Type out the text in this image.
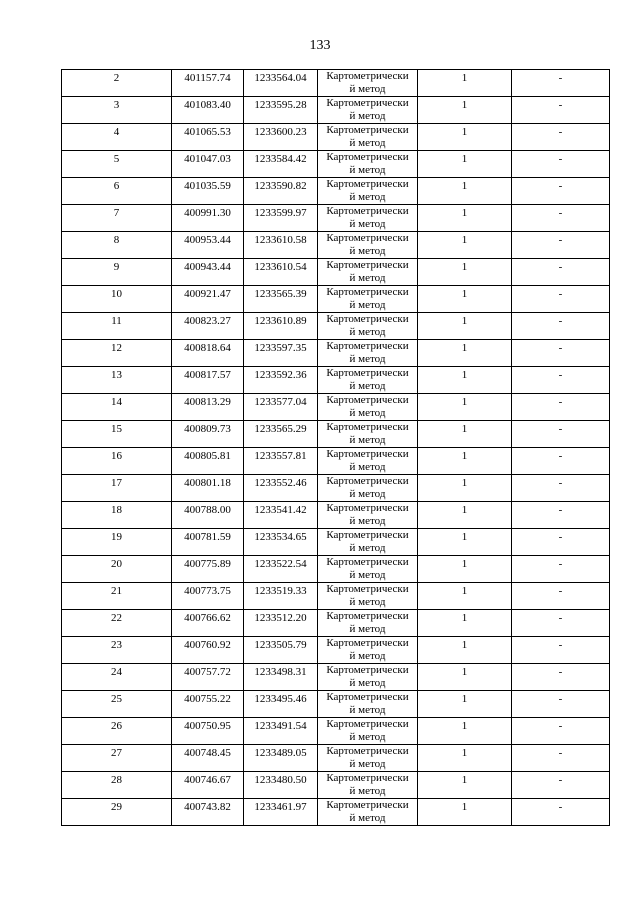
133
2	401157.74	1233564.04	Картометрически
й метод	1	-

3	401083.40	1233595.28	Картометрически
й метод	1	-

4	401065.53	1233600.23	Картометрически
й метод	1	-

5	401047.03	1233584.42	Картометрически
й метод	1	-

6	401035.59	1233590.82	Картометрически
й метод	1	-

7	400991.30	1233599.97	Картометрически
й метод	1	-

8	400953.44	1233610.58	Картометрически
й метод	1	-

9	400943.44	1233610.54	Картометрически
й метод	1	-

10	400921.47	1233565.39	Картометрически
й метод	1	-

11	400823.27	1233610.89	Картометрически
й метод	1	-

12	400818.64	1233597.35	Картометрически
й метод	1	-

13	400817.57	1233592.36	Картометрически
й метод	1	-

14	400813.29	1233577.04	Картометрически
й метод	1	-

15	400809.73	1233565.29	Картометрически
й метод	1	-

16	400805.81	1233557.81	Картометрически
й метод	1	-

17	400801.18	1233552.46	Картометрически
й метод	1	-

18	400788.00	1233541.42	Картометрически
й метод	1	-

19	400781.59	1233534.65	Картометрически
й метод	1	-

20	400775.89	1233522.54	Картометрически
й метод	1	-

21	400773.75	1233519.33	Картометрически
й метод	1	-

22	400766.62	1233512.20	Картометрически
й метод	1	-

23	400760.92	1233505.79	Картометрически
й метод	1	-

24	400757.72	1233498.31	Картометрически
й метод	1	-

25	400755.22	1233495.46	Картометрически
й метод	1	-

26	400750.95	1233491.54	Картометрически
й метод	1	-

27	400748.45	1233489.05	Картометрически
й метод	1	-

28	400746.67	1233480.50	Картометрически
й метод	1	-

29	400743.82	1233461.97	Картометрически
й метод	1	-
